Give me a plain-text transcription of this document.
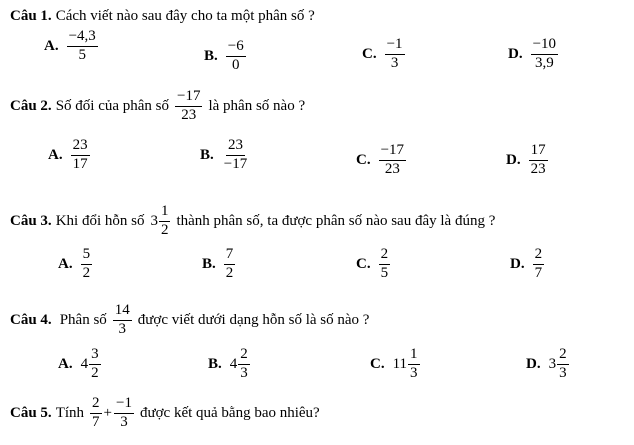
Câu 1. Cách viết nào sau đây cho ta một phân số ?
A. $\frac{-4,3}{5}$	B. $\frac{-6}{0}$	C. $\frac{-1}{3}$	D. $\frac{-10}{3,9}$
Câu 2. Số đối của phân số $\frac{-17}{23}$ là phân số nào ?
A. $\frac{23}{17}$	B. $\frac{23}{-17}$	C. $\frac{-17}{23}$	D. $\frac{17}{23}$
Câu 3. Khi đổi hỗn số $3 \frac{1}{2}$ thành phân số, ta được phân số nào sau đây là đúng ?
A. $\frac{5}{2}$	B. $\frac{7}{2}$	C. $\frac{2}{5}$	D. $\frac{2}{7}$
Câu 4. Phân số $\frac{14}{3}$ được viết dưới dạng hỗn số là số nào ?
A. $4 \frac{3}{2}$	B. $4 \frac{2}{3}$	C. $11 \frac{1}{3}$	D. $3 \frac{2}{3}$
Câu 5. Tính $\frac{2}{7} + \frac{-1}{3}$ được kết quả bằng bao nhiêu?
